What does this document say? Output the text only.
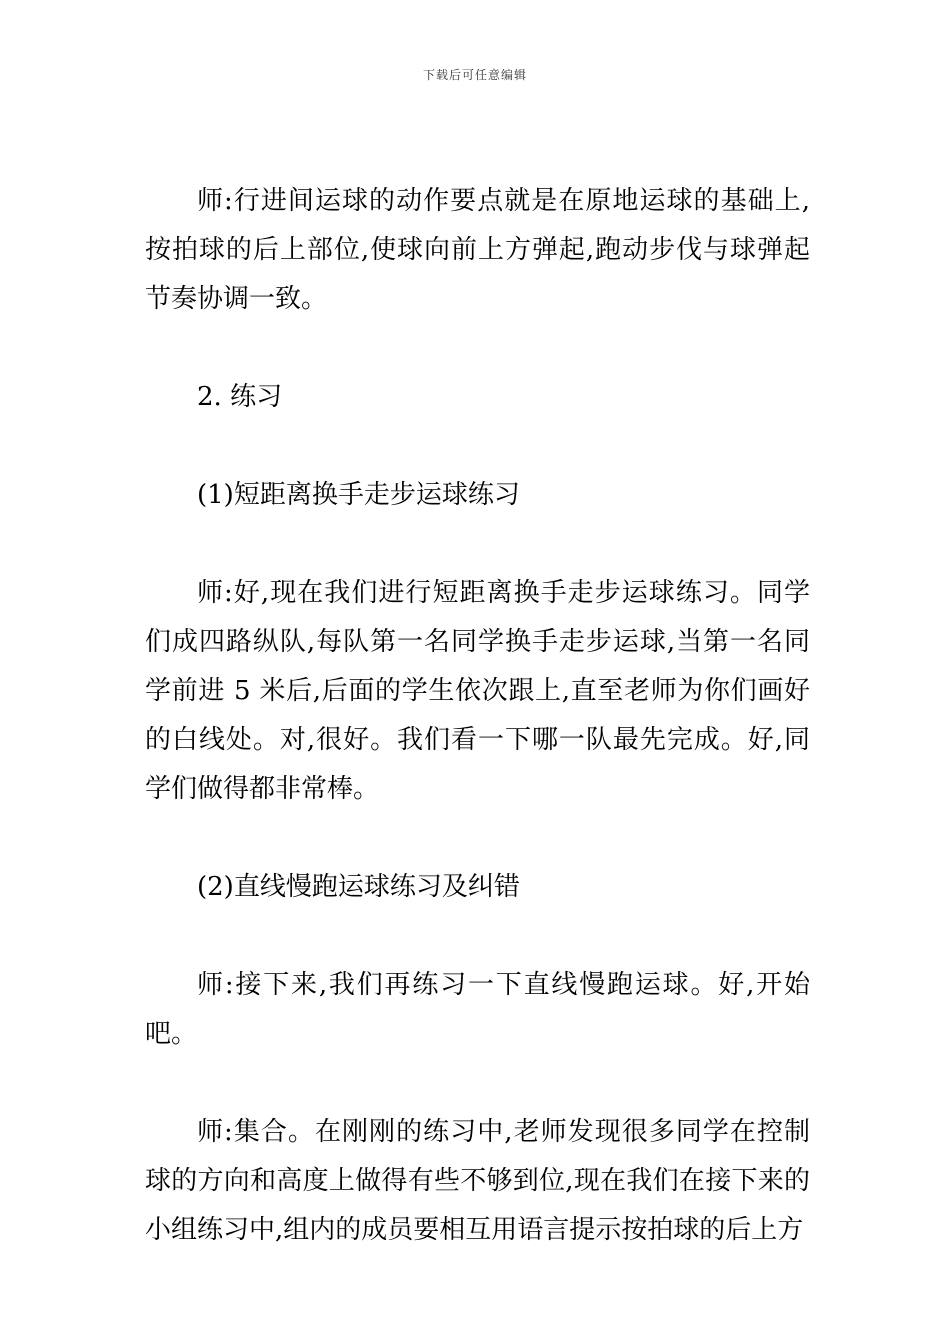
下载后可任意编辑

师:行进间运球的动作要点就是在原地运球的基础上,按拍球的后上部位,使球向前上方弹起,跑动步伐与球弹起节奏协调一致。

2. 练习

(1)短距离换手走步运球练习

师:好,现在我们进行短距离换手走步运球练习。同学们成四路纵队,每队第一名同学换手走步运球,当第一名同学前进 5 米后,后面的学生依次跟上,直至老师为你们画好的白线处。对,很好。我们看一下哪一队最先完成。好,同学们做得都非常棒。

(2)直线慢跑运球练习及纠错

师:接下来,我们再练习一下直线慢跑运球。好,开始吧。

师:集合。在刚刚的练习中,老师发现很多同学在控制球的方向和高度上做得有些不够到位,现在我们在接下来的小组练习中,组内的成员要相互用语言提示按拍球的后上方
